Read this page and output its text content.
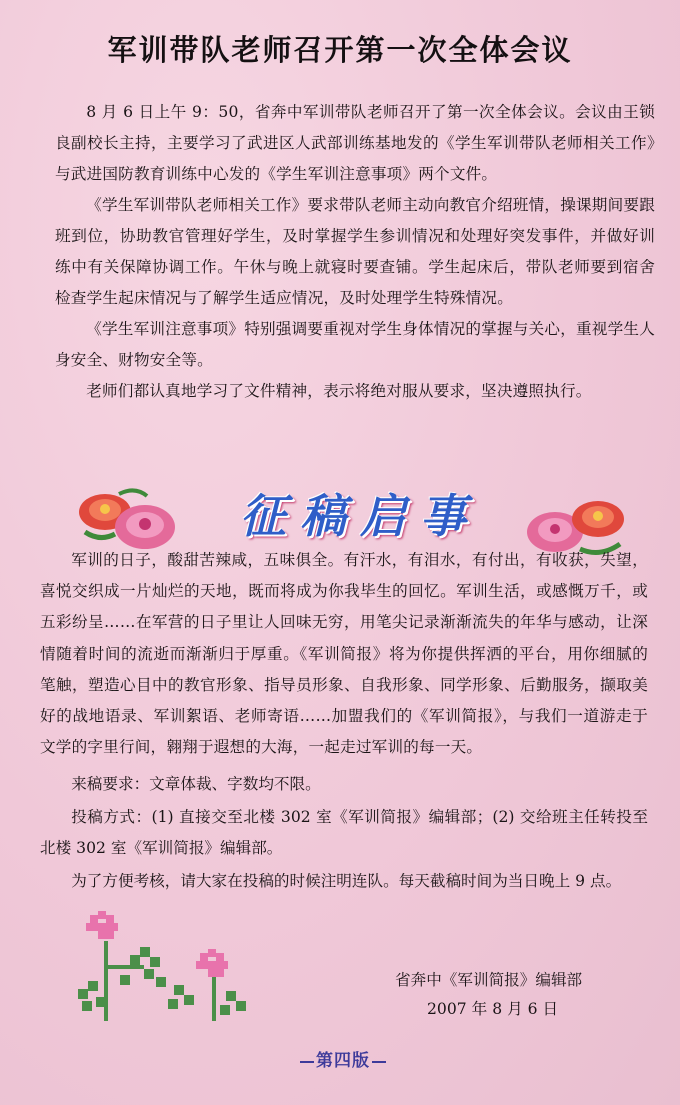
军训带队老师召开第一次全体会议

8 月 6 日上午 9：50，省奔中军训带队老师召开了第一次全体会议。会议由王锁良副校长主持，主要学习了武进区人武部训练基地发的《学生军训带队老师相关工作》与武进国防教育训练中心发的《学生军训注意事项》两个文件。

《学生军训带队老师相关工作》要求带队老师主动向教官介绍班情，操课期间要跟班到位，协助教官管理好学生，及时掌握学生参训情况和处理好突发事件，并做好训练中有关保障协调工作。午休与晚上就寝时要查铺。学生起床后，带队老师要到宿舍检查学生起床情况与了解学生适应情况，及时处理学生特殊情况。

《学生军训注意事项》特别强调要重视对学生身体情况的掌握与关心，重视学生人身安全、财物安全等。

老师们都认真地学习了文件精神，表示将绝对服从要求，坚决遵照执行。

征稿启事

军训的日子，酸甜苦辣咸，五味俱全。有汗水，有泪水，有付出，有收获，失望，喜悦交织成一片灿烂的天地，既而将成为你我毕生的回忆。军训生活，或感慨万千，或五彩纷呈……在军营的日子里让人回味无穷，用笔尖记录渐渐流失的年华与感动，让深情随着时间的流逝而渐渐归于厚重。《军训简报》将为你提供挥洒的平台，用你细腻的笔触，塑造心目中的教官形象、指导员形象、自我形象、同学形象、后勤服务，撷取美好的战地语录、军训絮语、老师寄语……加盟我们的《军训简报》，与我们一道游走于文学的字里行间，翱翔于遐想的大海，一起走过军训的每一天。

来稿要求：文章体裁、字数均不限。

投稿方式：(1) 直接交至北楼 302 室《军训简报》编辑部；(2) 交给班主任转投至北楼 302 室《军训简报》编辑部。

为了方便考核，请大家在投稿的时候注明连队。每天截稿时间为当日晚上 9 点。

省奔中《军训简报》编辑部
2007 年 8 月 6 日
第四版
